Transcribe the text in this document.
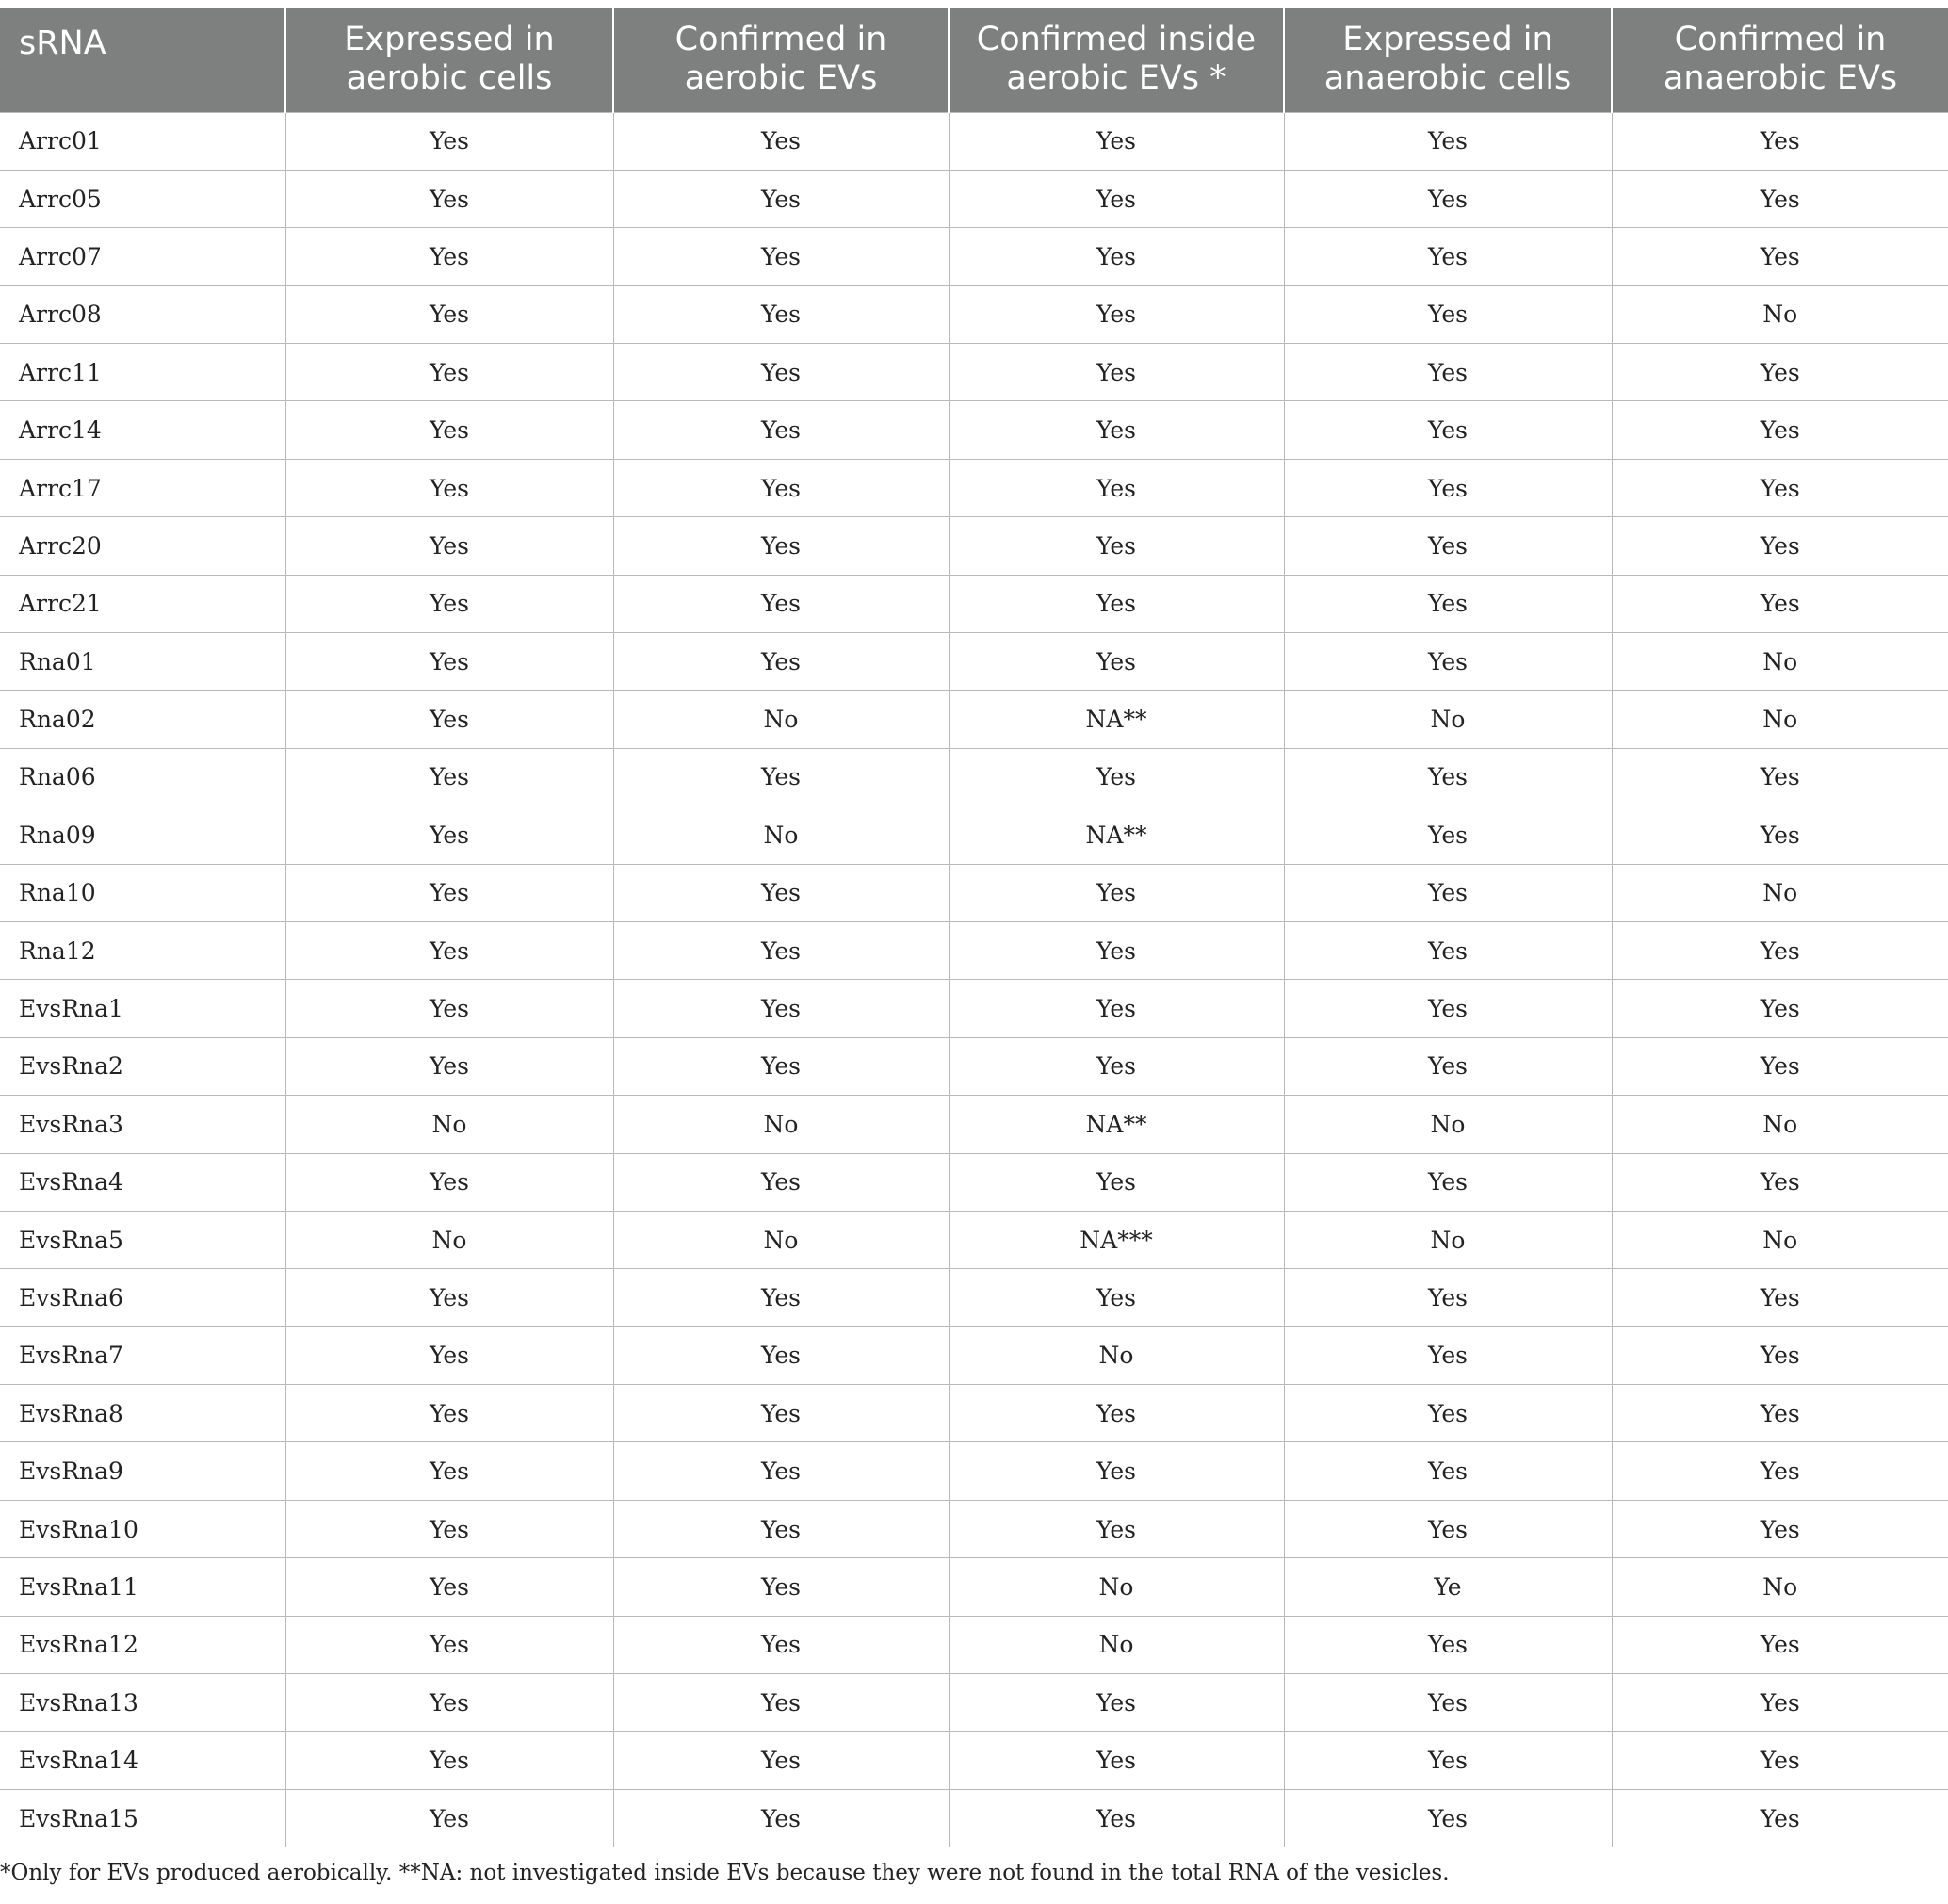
sRNA	Expressed in aerobic cells	Confirmed in aerobic EVs	Confirmed inside aerobic EVs *	Expressed in anaerobic cells	Confirmed in anaerobic EVs
Arrc01	Yes	Yes	Yes	Yes	Yes
Arrc05	Yes	Yes	Yes	Yes	Yes
Arrc07	Yes	Yes	Yes	Yes	Yes
Arrc08	Yes	Yes	Yes	Yes	No
Arrc11	Yes	Yes	Yes	Yes	Yes
Arrc14	Yes	Yes	Yes	Yes	Yes
Arrc17	Yes	Yes	Yes	Yes	Yes
Arrc20	Yes	Yes	Yes	Yes	Yes
Arrc21	Yes	Yes	Yes	Yes	Yes
Rna01	Yes	Yes	Yes	Yes	No
Rna02	Yes	No	NA**	No	No
Rna06	Yes	Yes	Yes	Yes	Yes
Rna09	Yes	No	NA**	Yes	Yes
Rna10	Yes	Yes	Yes	Yes	No
Rna12	Yes	Yes	Yes	Yes	Yes
EvsRna1	Yes	Yes	Yes	Yes	Yes
EvsRna2	Yes	Yes	Yes	Yes	Yes
EvsRna3	No	No	NA**	No	No
EvsRna4	Yes	Yes	Yes	Yes	Yes
EvsRna5	No	No	NA***	No	No
EvsRna6	Yes	Yes	Yes	Yes	Yes
EvsRna7	Yes	Yes	No	Yes	Yes
EvsRna8	Yes	Yes	Yes	Yes	Yes
EvsRna9	Yes	Yes	Yes	Yes	Yes
EvsRna10	Yes	Yes	Yes	Yes	Yes
EvsRna11	Yes	Yes	No	Ye	No
EvsRna12	Yes	Yes	No	Yes	Yes
EvsRna13	Yes	Yes	Yes	Yes	Yes
EvsRna14	Yes	Yes	Yes	Yes	Yes
EvsRna15	Yes	Yes	Yes	Yes	Yes
*Only for EVs produced aerobically. **NA: not investigated inside EVs because they were not found in the total RNA of the vesicles.
